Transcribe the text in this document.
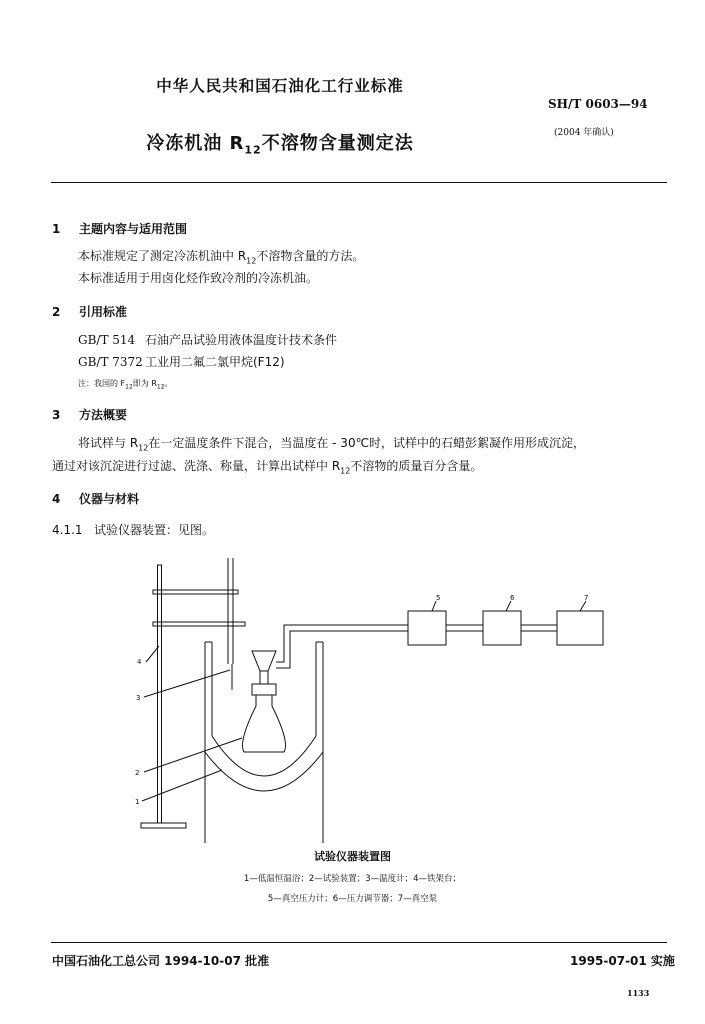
中华人民共和国石油化工行业标准
SH/T 0603—94
冷冻机油 $R_{12}$不溶物含量测定法	(2004 年确认)
1 主题内容与适用范围
本标准规定了测定冷冻机油中 $R_{12}$不溶物含量的方法。
本标准适用于用卤化烃作致冷剂的冷冻机油。
2 引用标准
GB/T 514 石油产品试验用液体温度计技术条件
GB/T 7372 工业用二氟二氯甲烷(F12)
注：我国的 $F_{12}$即为 $R_{12}$。
3 方法概要
将试样与 $R_{12}$在一定温度条件下混合，当温度在 - 30℃时，试样中的石蜡彭絮凝作用形成沉淀，
通过对该沉淀进行过滤、洗涤、称量，计算出试样中 $R_{12}$不溶物的质量百分含量。
4 仪器与材料
4.1.1   试验仪器装置：见图。
1
2
3
4
5	6	7
试验仪器装置图
1—低温恒温浴；2—试验装置；3—温度计；4—铁架台；
5—真空压力计；6—压力调节器；7—真空泵
中国石油化工总公司 1994-10-07 批准	1995-07-01 实施
1133
